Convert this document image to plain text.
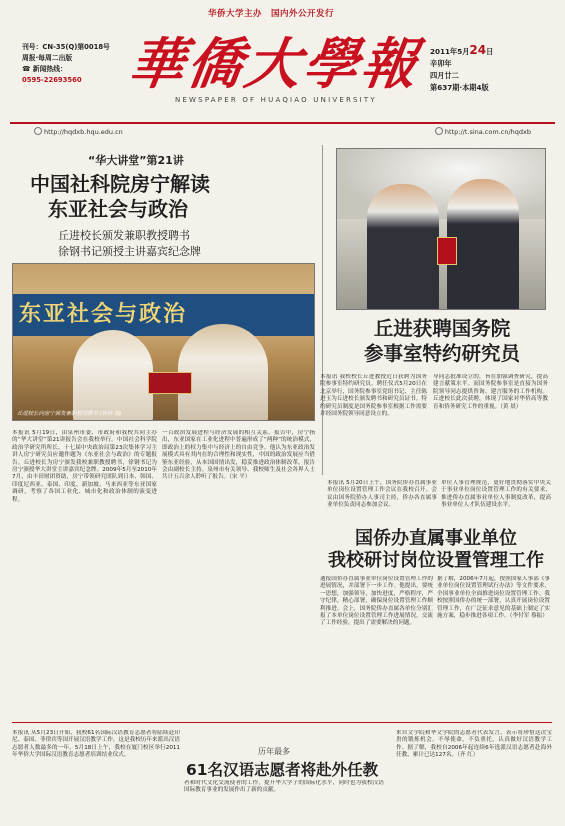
华侨大学主办　国内外公开发行
刊号：CN-35(Q)第0018号
周报·每周二出版
☎ 新闻热线：
0595-22693560 華僑大學報
NEWSPAPER OF HUAQIAO UNIVERSITY
2011年5月24日
辛卯年
四月廿二
第637期·本期4版
http://hqdxb.hqu.edu.cn	http://t.sina.com.cn/hqdxb
“华大讲堂”第21讲
中国社科院房宁解读
东亚社会与政治
丘进校长颁发兼职教授聘书
徐钢书记颁授主讲嘉宾纪念牌
东亚社会与政治
丘进校长向房宁颁发兼职教授聘书 (林钟 摄)
本报讯 5月19日，由泉州市委、市政府和我校共同主办的“华大讲堂”第21讲报告会在我校举行。中国社会科学院政治学研究所所长、十七届中央政治局第23次集体学习主讲人房宁研究员应邀作题为《东亚社会与政治》的专题报告。丘进校长为房宁颁发我校兼职教授聘书，徐钢书记为房宁颁授华大讲堂主讲嘉宾纪念牌。2009年5月至2010年7月，由丰田财团资助，房宁带领研究团队到日本、韩国、印度尼西亚、泰国、印度、新加坡、马来西亚等东亚国家调研，考察了各国工业化、城市化和政治体制的演变进程。
一百政治发展进程与经济发展的相互关系。报告中，房宁指出，东亚国家在工业化进程中普遍形成了“两种”的统治模式，即政治上的权力集中与经济上的自由竞争。他认为东亚政治发展模式具有其内在的合理性和现实性，中国的政治发展应当借鉴东亚经验，从本国国情出发，稳妥推进政治体制改革。报告会由副校长主持。泉州市有关领导、我校师生及社会各界人士共计五百余人聆听了报告。（宋 平）
丘进获聘国务院
参事室特约研究员
本报讯 我校校长丘进教授近日获聘为国务院参事室特约研究员。聘任仪式5月20日在北京举行，国务院参事室党组书记、主任陈进玉为丘进校长颁发聘书和研究员证书。特约研究员制度是国务院参事室根据工作需要并经国务院领导同意设立的。
导同志批准设立的，旨在加强调查研究，提高建言献策水平。而国务院参事室是直接为国务院领导同志提供咨询、建言服务的工作机构。丘进校长此次获聘，体现了国家对华侨高等教育和侨务研究工作的重视。（黄 晨）
本报讯 5月20日上午，国务院侨办直属事业单位岗位设置管理工作会议在我校召开。会议由国务院侨办人事司主持，侨办各直属事业单位负责同志参加会议。
单位人事管理规范，更好地贯彻落实中央关于事业单位岗位设置管理工作的有关要求，推进侨办直属事业单位人事制度改革，提高事业单位人才队伍建设水平。
国侨办直属事业单位
我校研讨岗位设置管理工作
通报国侨办直属事业单位岗位设置管理工作的进展情况，并部署下一步工作。他提出，要统一思想，加强领导，加快进度，严格程序，严守纪律，精心部署，确保岗位设置管理工作顺利推进。会上，国务院侨办直属各单位分别汇报了本单位岗位设置管理工作进展情况，交流了工作经验，提出了需要解决的问题。
据了解，2006年7月起，按照国家人事部《事业单位岗位设置管理试行办法》等文件要求，全国事业单位全面推进岗位设置管理工作。我校按照国侨办的统一部署，认真开展岗位设置管理工作，在广泛征求意见的基础上制定了实施方案，稳步推进各项工作。（李付军 蔡振）
本报讯 从5月23日开始，我校61名国际汉语教育志愿者将陆续赴印尼、泰国、菲律宾等国开展汉语教学工作。这是我校历年来派出汉语志愿者人数最多的一年。5月18日上午，我校在厦门校区举行2011年华侨大学国际汉语教育志愿者培训结业仪式。	历年最多
61名汉语志愿者将赴外任教
者和时代文化交流使者的工作，提升华大学子的国际化水平，同时也为我校汉语国际教育事业的发展作出了新的贡献。
来自文学院和华文学院的志愿者代表发言，表示将珍惜这次宝贵的锻炼机会，不辱使命，不负重托，认真做好汉语教学工作。据了解，我校自2006年起连续6年选派汉语志愿者赴海外任教，累计已达127名。（齐 红）
